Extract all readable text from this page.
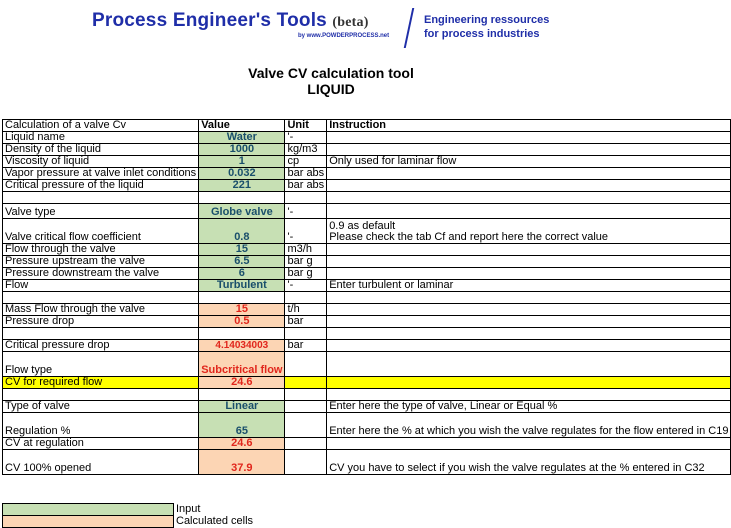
Process Engineer's Tools (beta)
by www.POWDERPROCESS.net
Engineering ressources
for process industries
Valve CV calculation tool
LIQUID
Calculation of a valve Cv	Value	Unit	Instruction
Liquid name	Water	'-	
Density of the liquid	1000	kg/m3	
Viscosity of liquid	1	cp	Only used for laminar flow
Vapor pressure at valve inlet conditions	0.032	bar abs	
Critical pressure of the liquid	221	bar abs	

Valve type	Globe valve	'-	
Valve critical flow coefficient	0.8	'-	0.9 as default
Please check the tab Cf and report here the correct value

Flow through the valve	15	m3/h	
Pressure upstream the valve	6.5	bar g	
Pressure downstream the valve	6	bar g	
Flow	Turbulent	'-	Enter turbulent or laminar

Mass Flow through the valve	15	t/h	
Pressure drop	0.5	bar	

Critical pressure drop	4.14034003	bar	
Flow type	Subcritical flow		
CV for required flow	24.6		

Type of valve	Linear		Enter here the type of valve, Linear or Equal %
Regulation %	65		Enter here the % at which you wish the valve regulates for the flow entered in C19
CV at regulation	24.6		
CV 100% opened	37.9		CV you have to select if you wish the valve regulates at the % entered in C32
	Input
	Calculated cells
